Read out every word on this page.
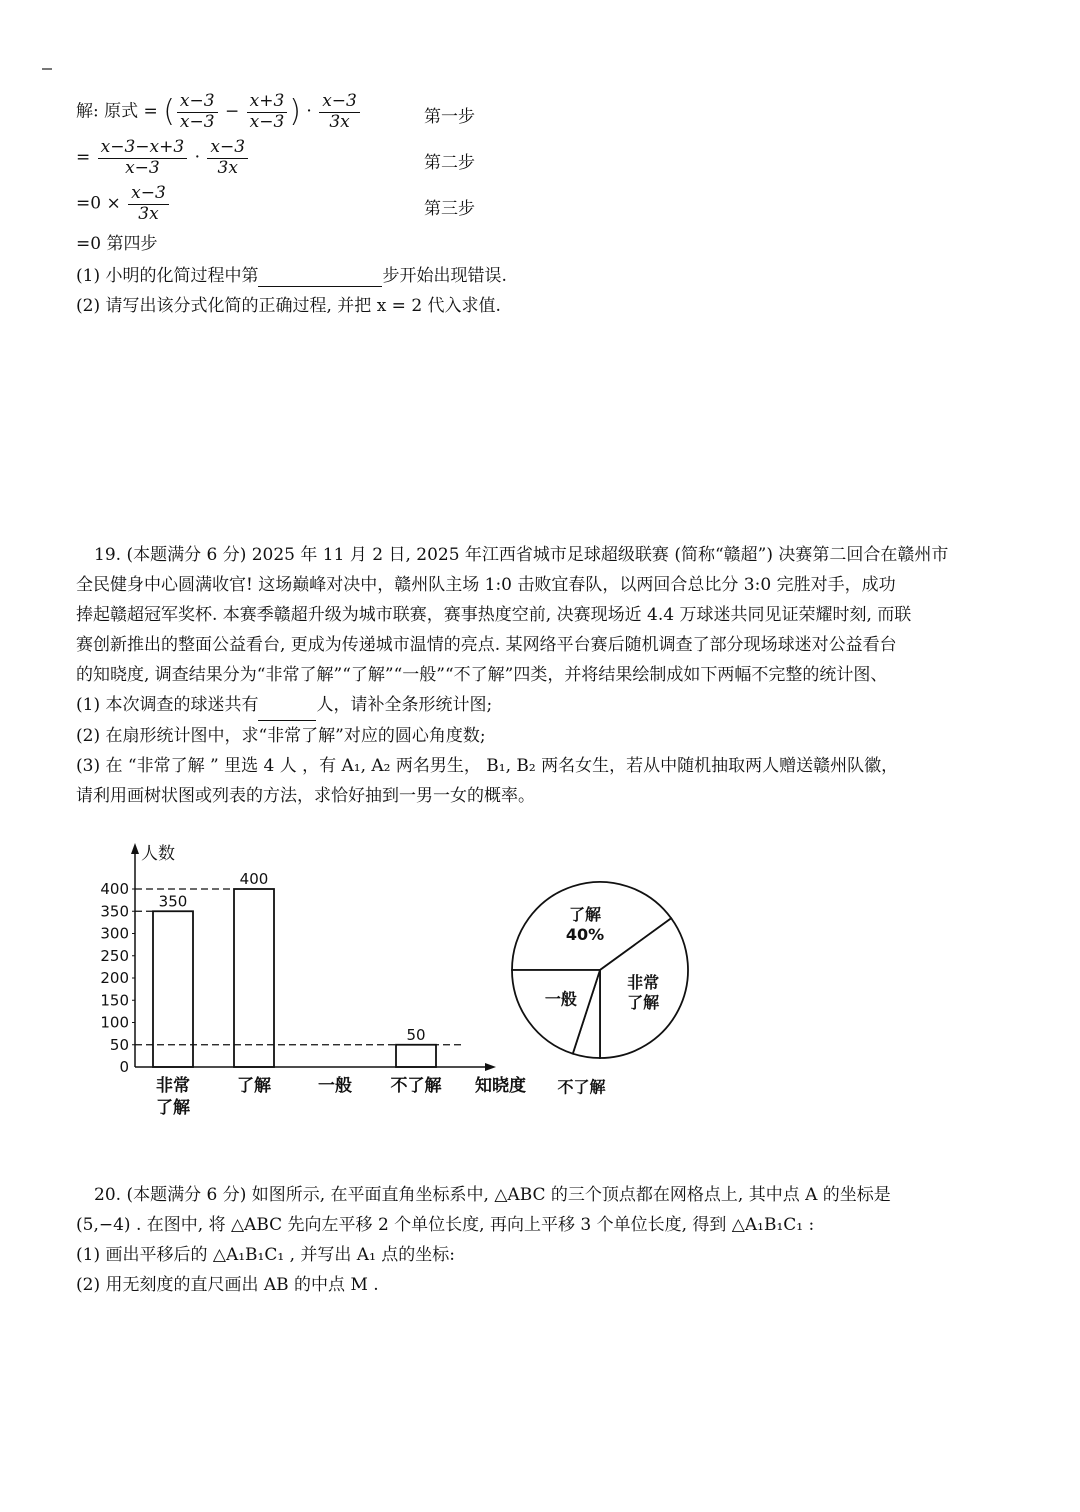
解: 原式 = ( $\frac{x-3}{x-3} - \frac{x+3}{x-3}$ ) · $\frac{x-3}{3x}$	第一步
= $\frac{x-3-x+3}{x-3} \cdot \frac{x-3}{3x}$	第二步
$=0 \times \frac{x-3}{3x}$	第三步
=0 第四步
(1) 小明的化简过程中第	步开始出现错误.
(2) 请写出该分式化简的正确过程, 并把 x = 2 代入求值.
19. (本题满分 6 分) 2025 年 11 月 2 日, 2025 年江西省城市足球超级联赛 (简称“赣超”) 决赛第二回合在赣州市
全民健身中心圆满收官! 这场巅峰对决中，赣州队主场 1:0 击败宜春队，以两回合总比分 3:0 完胜对手，成功
捧起赣超冠军奖杯. 本赛季赣超升级为城市联赛，赛事热度空前, 决赛现场近 4.4 万球迷共同见证荣耀时刻, 而联
赛创新推出的整面公益看台, 更成为传递城市温情的亮点. 某网络平台赛后随机调查了部分现场球迷对公益看台
的知晓度, 调查结果分为“非常了解”“了解”“一般”“不了解”四类，并将结果绘制成如下两幅不完整的统计图、
(1) 本次调查的球迷共有	人，请补全条形统计图;
(2) 在扇形统计图中，求“非常了解”对应的圆心角度数;
(3) 在 “非常了解 ” 里选 4 人 ，有 A₁, A₂ 两名男生， B₁, B₂ 两名女生，若从中随机抽取两人赠送赣州队徽，
请利用画树状图或列表的方法，求恰好抽到一男一女的概率。
人数
知晓度
0
50
100
150
200
250
300
350
400
350
400
50
非常
了解
了解	一般 不了解
了解
40%
非常
了解
不了解
一般
20. (本题满分 6 分) 如图所示, 在平面直角坐标系中, △ABC 的三个顶点都在网格点上, 其中点 A 的坐标是
(5,−4) . 在图中, 将 △ABC 先向左平移 2 个单位长度, 再向上平移 3 个单位长度, 得到 △A₁B₁C₁ :
(1) 画出平移后的 △A₁B₁C₁ , 并写出 A₁ 点的坐标:
(2) 用无刻度的直尺画出 AB 的中点 M .
